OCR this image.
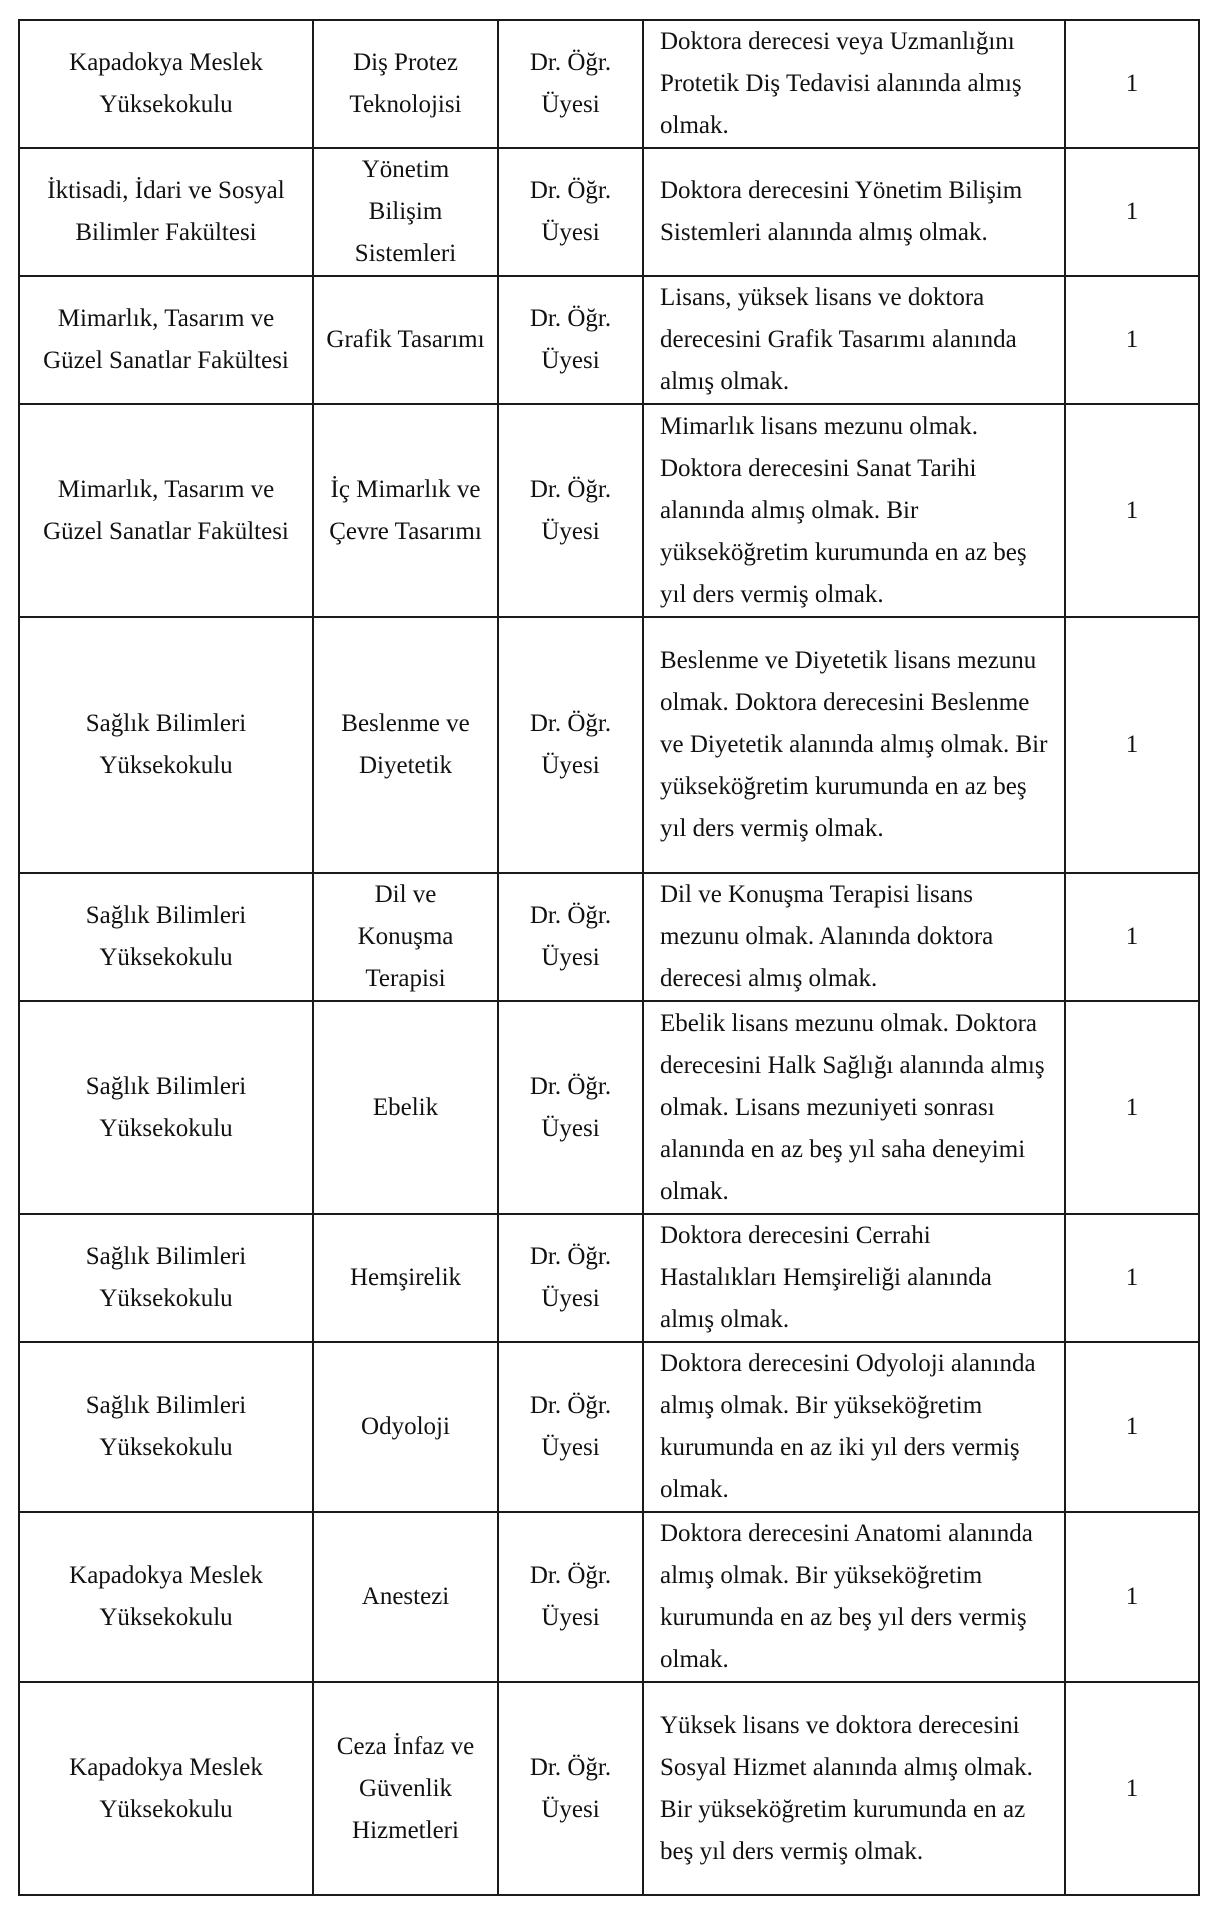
Kapadokya Meslek Yüksekokulu	Diş Protez Teknolojisi	Dr. Öğr. Üyesi	Doktora derecesi veya Uzmanlığını Protetik Diş Tedavisi alanında almış olmak.	1
İktisadi, İdari ve Sosyal Bilimler Fakültesi	Yönetim Bilişim Sistemleri	Dr. Öğr. Üyesi	Doktora derecesini Yönetim Bilişim Sistemleri alanında almış olmak.	1
Mimarlık, Tasarım ve Güzel Sanatlar Fakültesi	Grafik Tasarımı	Dr. Öğr. Üyesi	Lisans, yüksek lisans ve doktora derecesini Grafik Tasarımı alanında almış olmak.	1
Mimarlık, Tasarım ve Güzel Sanatlar Fakültesi	İç Mimarlık ve Çevre Tasarımı	Dr. Öğr. Üyesi	Mimarlık lisans mezunu olmak. Doktora derecesini Sanat Tarihi alanında almış olmak. Bir yükseköğretim kurumunda en az beş yıl ders vermiş olmak.	1
Sağlık Bilimleri Yüksekokulu	Beslenme ve Diyetetik	Dr. Öğr. Üyesi	Beslenme ve Diyetetik lisans mezunu olmak. Doktora derecesini Beslenme ve Diyetetik alanında almış olmak. Bir yükseköğretim kurumunda en az beş yıl ders vermiş olmak.	1
Sağlık Bilimleri Yüksekokulu	Dil ve Konuşma Terapisi	Dr. Öğr. Üyesi	Dil ve Konuşma Terapisi lisans mezunu olmak. Alanında doktora derecesi almış olmak.	1
Sağlık Bilimleri Yüksekokulu	Ebelik	Dr. Öğr. Üyesi	Ebelik lisans mezunu olmak. Doktora derecesini Halk Sağlığı alanında almış olmak. Lisans mezuniyeti sonrası alanında en az beş yıl saha deneyimi olmak.	1
Sağlık Bilimleri Yüksekokulu	Hemşirelik	Dr. Öğr. Üyesi	Doktora derecesini Cerrahi Hastalıkları Hemşireliği alanında almış olmak.	1
Sağlık Bilimleri Yüksekokulu	Odyoloji	Dr. Öğr. Üyesi	Doktora derecesini Odyoloji alanında almış olmak. Bir yükseköğretim kurumunda en az iki yıl ders vermiş olmak.	1
Kapadokya Meslek Yüksekokulu	Anestezi	Dr. Öğr. Üyesi	Doktora derecesini Anatomi alanında almış olmak. Bir yükseköğretim kurumunda en az beş yıl ders vermiş olmak.	1
Kapadokya Meslek Yüksekokulu	Ceza İnfaz ve Güvenlik Hizmetleri	Dr. Öğr. Üyesi	Yüksek lisans ve doktora derecesini Sosyal Hizmet alanında almış olmak. Bir yükseköğretim kurumunda en az beş yıl ders vermiş olmak.	1
